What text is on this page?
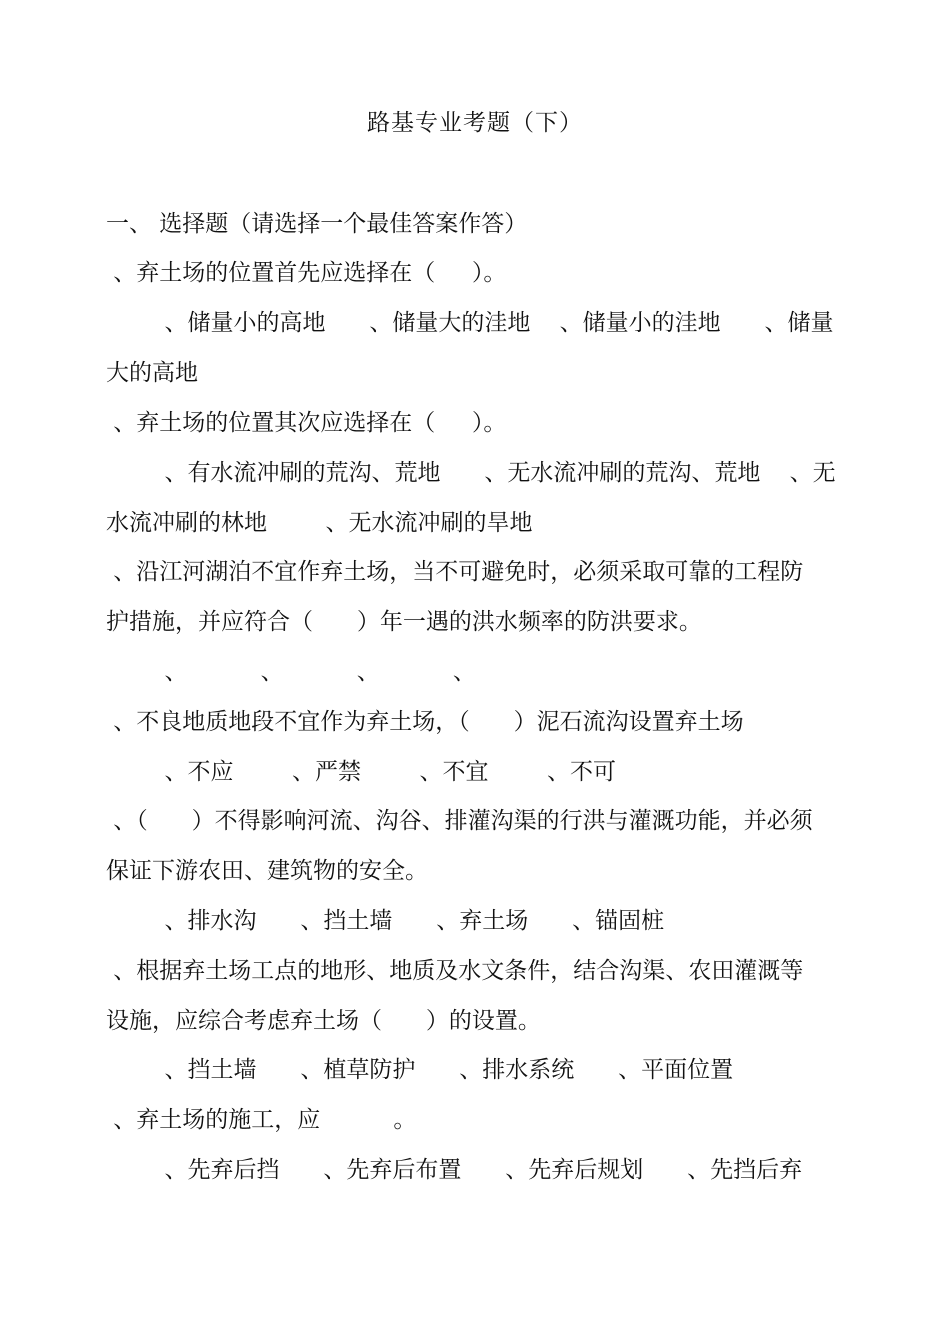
路基专业考题（下）
一、 选择题（请选择一个最佳答案作答）
、弃土场的位置首先应选择在（     ）。
、储量小的高地      、储量大的洼地    、储量小的洼地      、储量
大的高地
、弃土场的位置其次应选择在（     ）。
、有水流冲刷的荒沟、荒地      、无水流冲刷的荒沟、荒地    、无
水流冲刷的林地        、无水流冲刷的旱地
、沿江河湖泊不宜作弃土场，当不可避免时，必须采取可靠的工程防
护措施，并应符合（      ）年一遇的洪水频率的防洪要求。
、          、          、          、
、不良地质地段不宜作为弃土场，（      ）泥石流沟设置弃土场
、不应        、严禁        、不宜        、不可
、（      ）不得影响河流、沟谷、排灌沟渠的行洪与灌溉功能，并必须
保证下游农田、建筑物的安全。
、排水沟      、挡土墙      、弃土场      、锚固桩
、根据弃土场工点的地形、地质及水文条件，结合沟渠、农田灌溉等
设施，应综合考虑弃土场（      ）的设置。
、挡土墙      、植草防护      、排水系统      、平面位置
、弃土场的施工，应          。
、先弃后挡      、先弃后布置      、先弃后规划      、先挡后弃
